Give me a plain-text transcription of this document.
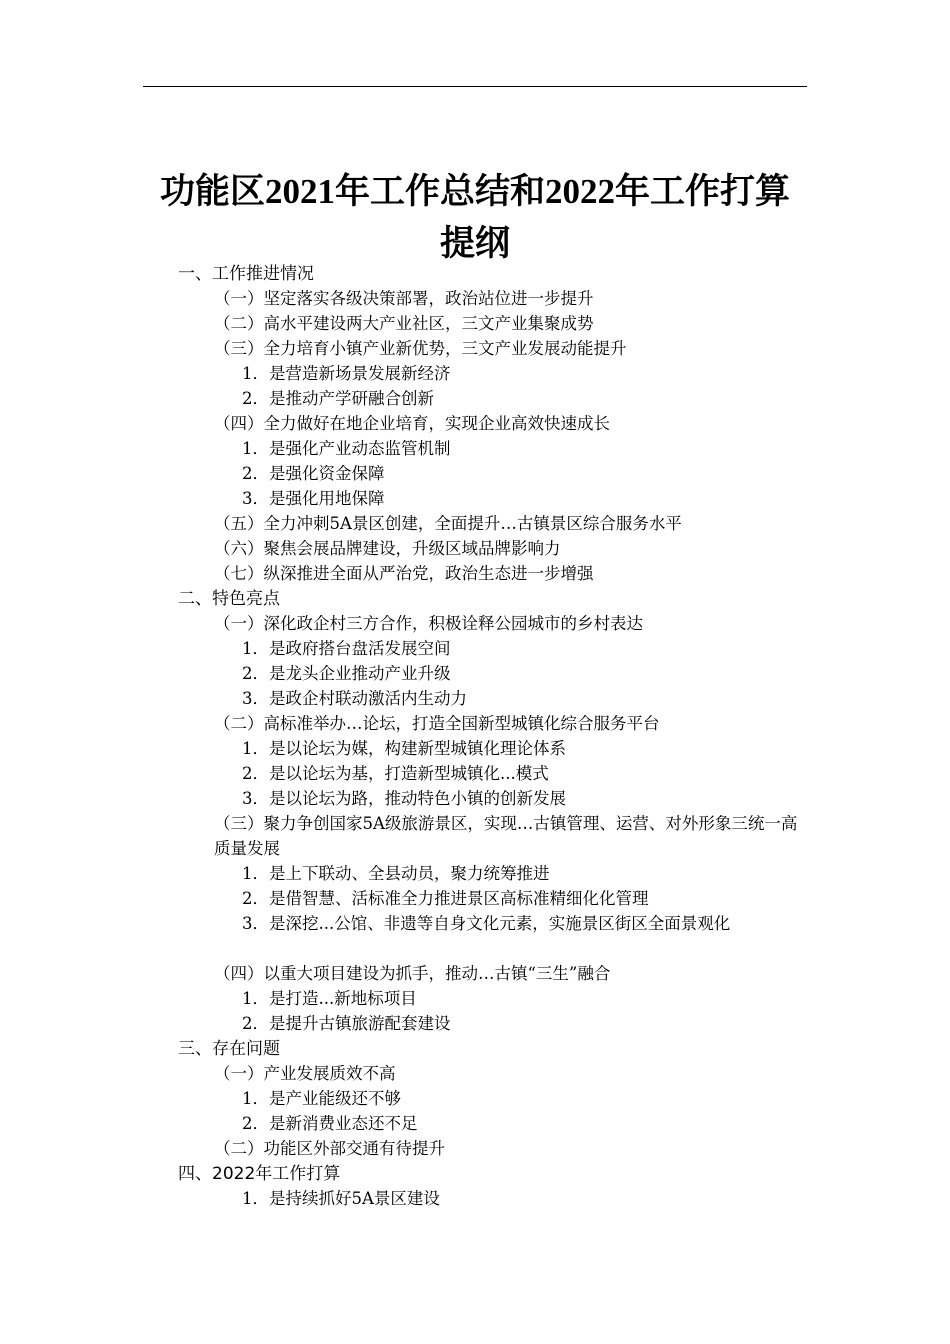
功能区2021年工作总结和2022年工作打算
提纲
一、工作推进情况
（一）坚定落实各级决策部署，政治站位进一步提升
（二）高水平建设两大产业社区，三文产业集聚成势
（三）全力培育小镇产业新优势，三文产业发展动能提升
1．是营造新场景发展新经济
2．是推动产学研融合创新
（四）全力做好在地企业培育，实现企业高效快速成长
1．是强化产业动态监管机制
2．是强化资金保障
3．是强化用地保障
（五）全力冲刺5A景区创建，全面提升…古镇景区综合服务水平
（六）聚焦会展品牌建设，升级区域品牌影响力
（七）纵深推进全面从严治党，政治生态进一步增强
二、特色亮点
（一）深化政企村三方合作，积极诠释公园城市的乡村表达
1．是政府搭台盘活发展空间
2．是龙头企业推动产业升级
3．是政企村联动激活内生动力
（二）高标准举办…论坛，打造全国新型城镇化综合服务平台
1．是以论坛为媒，构建新型城镇化理论体系
2．是以论坛为基，打造新型城镇化...模式
3．是以论坛为路，推动特色小镇的创新发展
（三）聚力争创国家5A级旅游景区，实现…古镇管理、运营、对外形象三统一高质量发展
1．是上下联动、全县动员，聚力统筹推进
2．是借智慧、活标准全力推进景区高标准精细化化管理
3．是深挖...公馆、非遗等自身文化元素，实施景区街区全面景观化
（四）以重大项目建设为抓手，推动…古镇“三生”融合
1．是打造...新地标项目
2．是提升古镇旅游配套建设
三、存在问题
（一）产业发展质效不高
1．是产业能级还不够
2．是新消费业态还不足
（二）功能区外部交通有待提升
四、2022年工作打算
1．是持续抓好5A景区建设
